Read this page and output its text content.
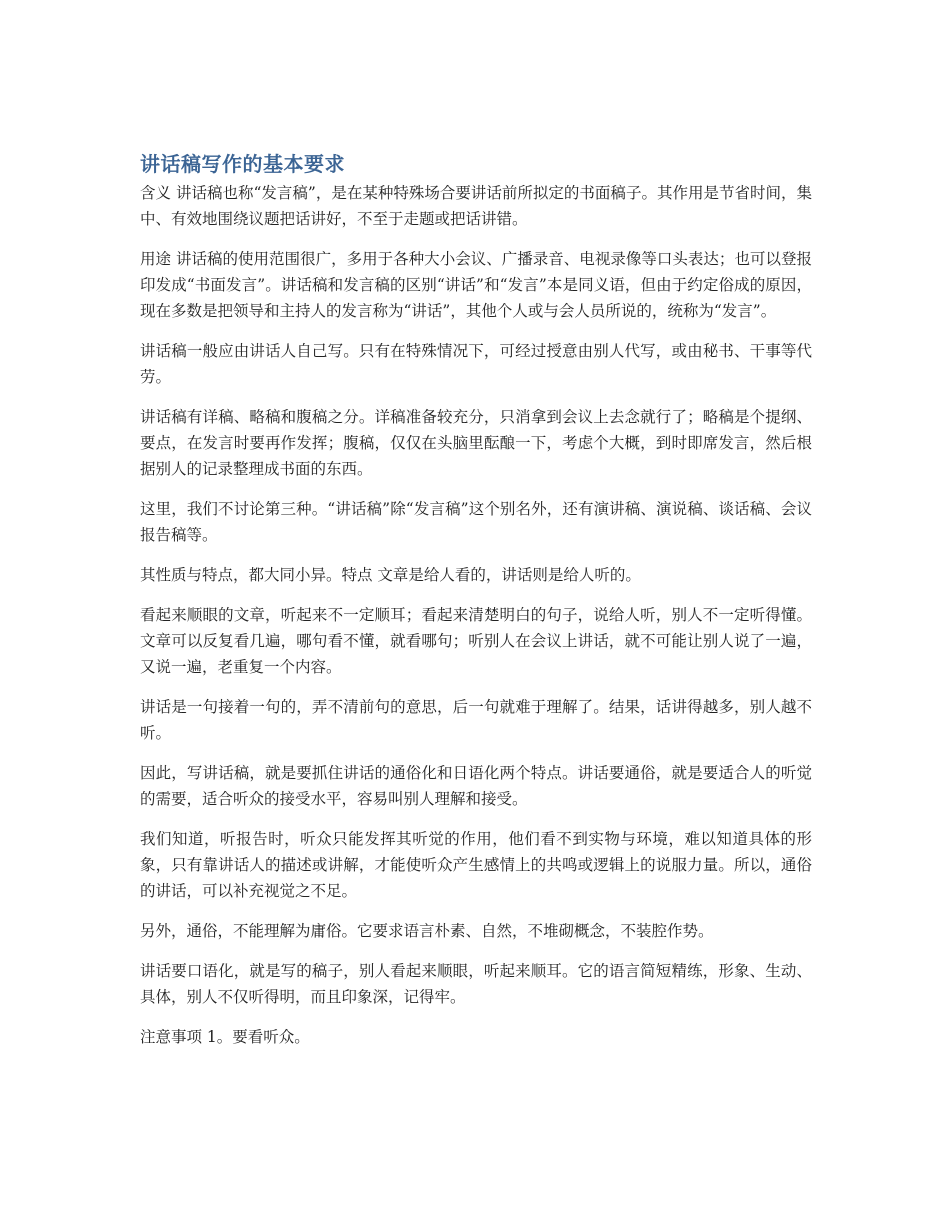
讲话稿写作的基本要求

含义 讲话稿也称“发言稿”，是在某种特殊场合要讲话前所拟定的书面稿子。其作用是节省时间，集中、有效地围绕议题把话讲好，不至于走题或把话讲错。

用途 讲话稿的使用范围很广，多用于各种大小会议、广播录音、电视录像等口头表达；也可以登报印发成“书面发言”。讲话稿和发言稿的区别“讲话”和“发言”本是同义语，但由于约定俗成的原因，现在多数是把领导和主持人的发言称为“讲话”，其他个人或与会人员所说的，统称为“发言”。

讲话稿一般应由讲话人自己写。只有在特殊情况下，可经过授意由别人代写，或由秘书、干事等代劳。

讲话稿有详稿、略稿和腹稿之分。详稿准备较充分，只消拿到会议上去念就行了；略稿是个提纲、要点，在发言时要再作发挥；腹稿，仅仅在头脑里酝酿一下，考虑个大概，到时即席发言，然后根据别人的记录整理成书面的东西。

这里，我们不讨论第三种。“讲话稿”除“发言稿”这个别名外，还有演讲稿、演说稿、谈话稿、会议报告稿等。

其性质与特点，都大同小异。特点 文章是给人看的，讲话则是给人听的。

看起来顺眼的文章，听起来不一定顺耳；看起来清楚明白的句子，说给人听，别人不一定听得懂。文章可以反复看几遍，哪句看不懂，就看哪句；听别人在会议上讲话，就不可能让别人说了一遍，又说一遍，老重复一个内容。

讲话是一句接着一句的，弄不清前句的意思，后一句就难于理解了。结果，话讲得越多，别人越不听。

因此，写讲话稿，就是要抓住讲话的通俗化和日语化两个特点。讲话要通俗，就是要适合人的听觉的需要，适合听众的接受水平，容易叫别人理解和接受。

我们知道，听报告时，听众只能发挥其听觉的作用，他们看不到实物与环境，难以知道具体的形象，只有靠讲话人的描述或讲解，才能使听众产生感情上的共鸣或逻辑上的说服力量。所以，通俗的讲话，可以补充视觉之不足。

另外，通俗，不能理解为庸俗。它要求语言朴素、自然，不堆砌概念，不装腔作势。

讲话要口语化，就是写的稿子，别人看起来顺眼，听起来顺耳。它的语言简短精练，形象、生动、具体，别人不仅听得明，而且印象深，记得牢。

注意事项 1。要看听众。
